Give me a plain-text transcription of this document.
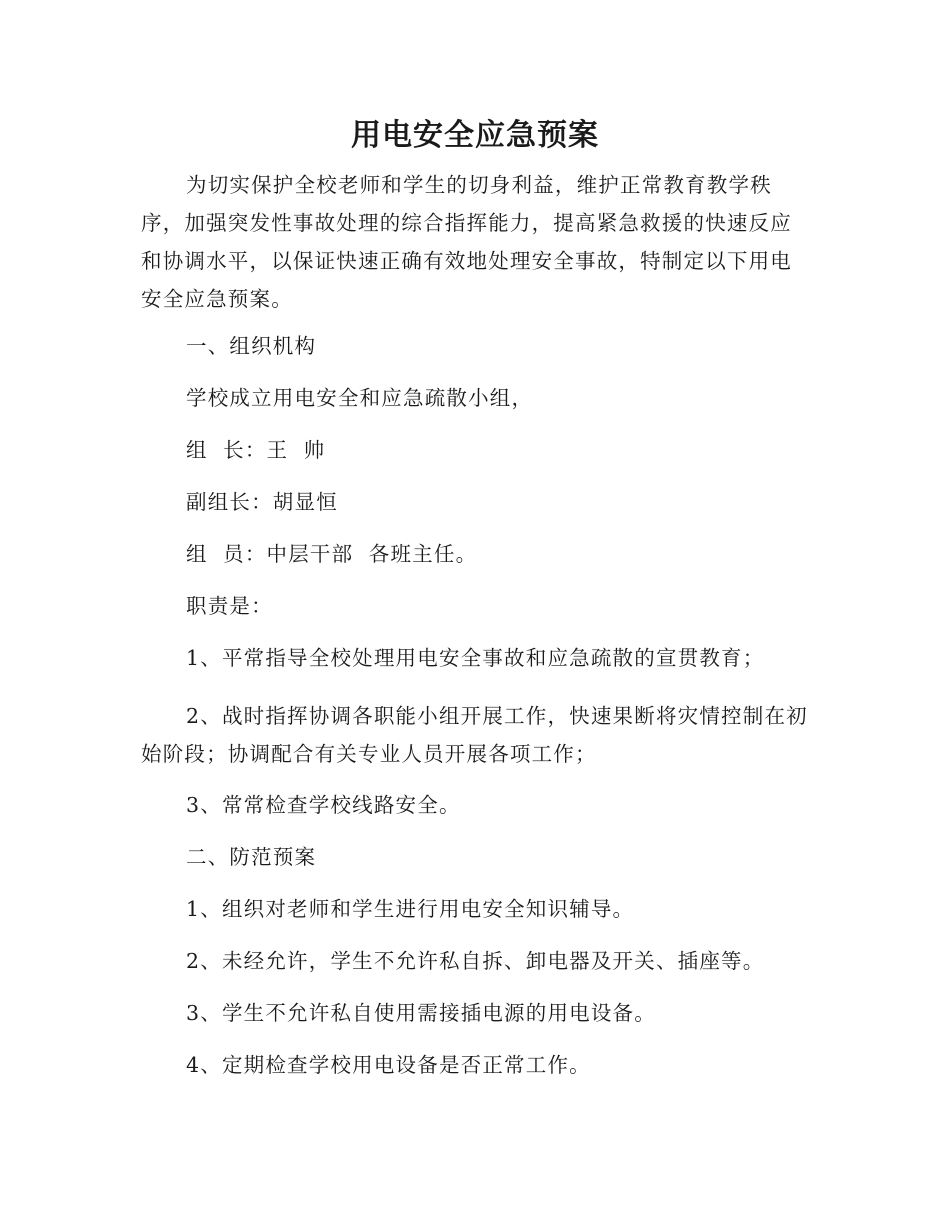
用电安全应急预案

为切实保护全校老师和学生的切身利益，维护正常教育教学秩序，加强突发性事故处理的综合指挥能力，提高紧急救援的快速反应和协调水平，以保证快速正确有效地处理安全事故，特制定以下用电安全应急预案。

一、组织机构

学校成立用电安全和应急疏散小组，

组  长：王  帅

副组长：胡显恒

组  员：中层干部  各班主任。

职责是：

1、平常指导全校处理用电安全事故和应急疏散的宣贯教育；

2、战时指挥协调各职能小组开展工作，快速果断将灾情控制在初始阶段；协调配合有关专业人员开展各项工作；

3、常常检查学校线路安全。

二、防范预案

1、组织对老师和学生进行用电安全知识辅导。

2、未经允许，学生不允许私自拆、卸电器及开关、插座等。

3、学生不允许私自使用需接插电源的用电设备。

4、定期检查学校用电设备是否正常工作。
